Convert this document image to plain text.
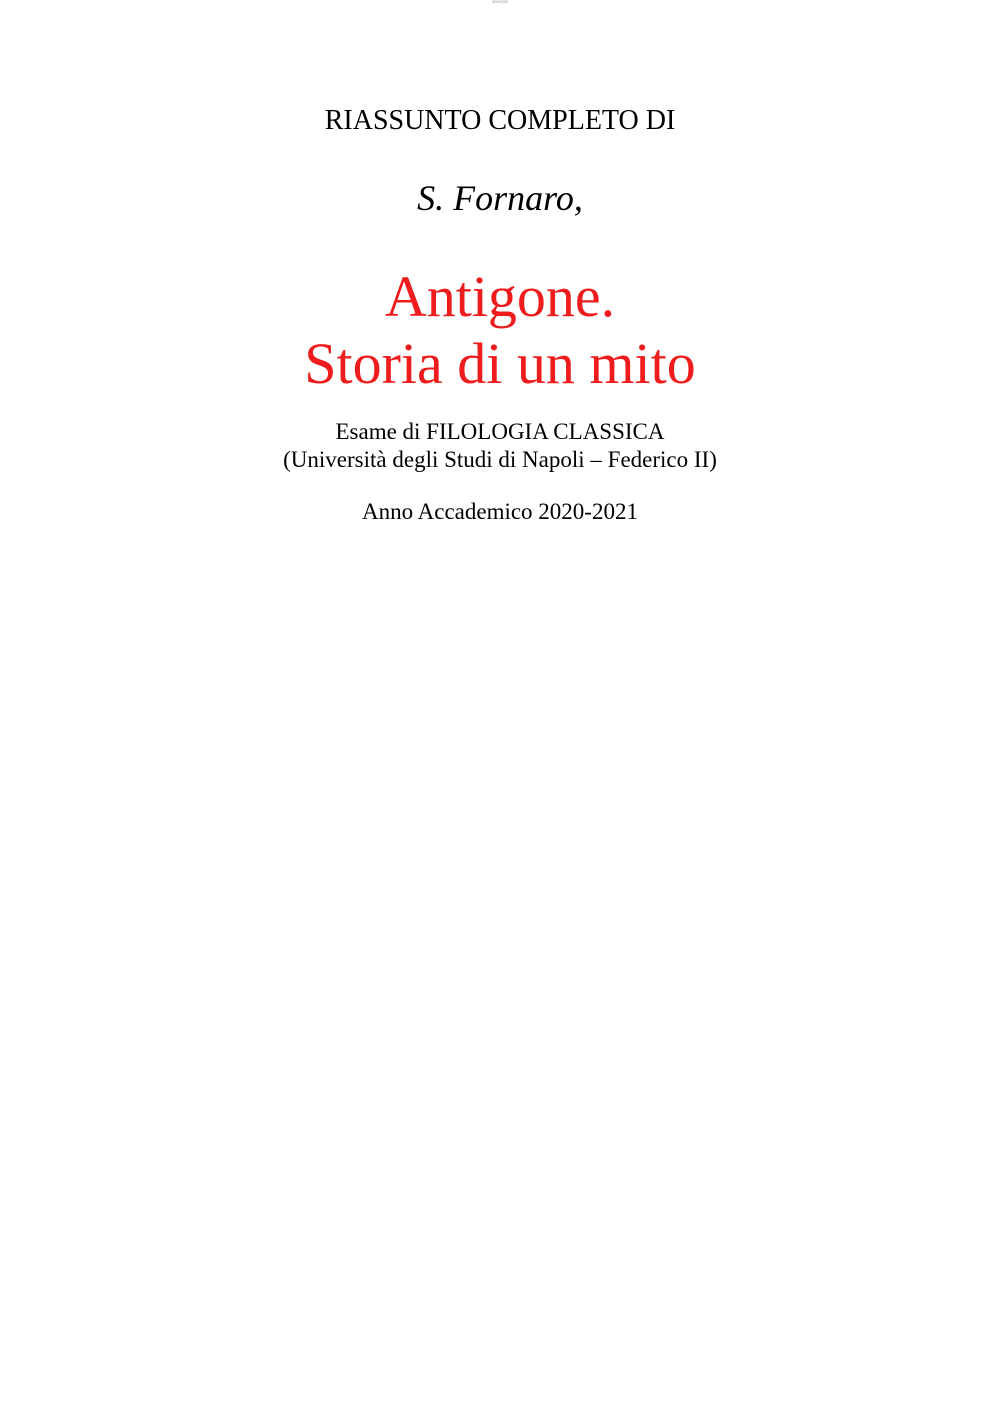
anonym
RIASSUNTO COMPLETO DI
S. Fornaro,
Antigone.
Storia di un mito
Esame di FILOLOGIA CLASSICA
(Università degli Studi di Napoli – Federico II)
Anno Accademico 2020-2021
